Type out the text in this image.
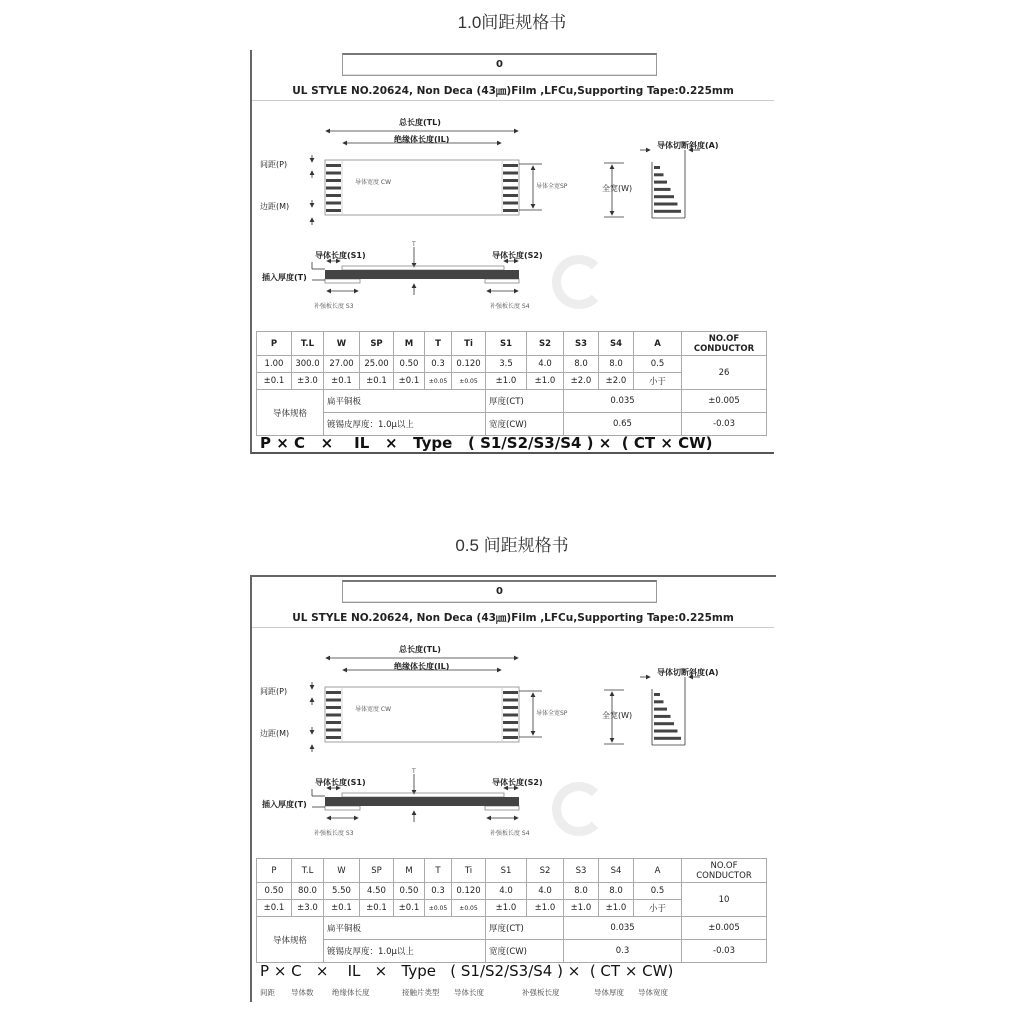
1.0间距规格书
0
UL STYLE NO.20624, Non Deca (43㎛)Film ,LFCu,Supporting Tape:0.225mm
总长度(TL)
绝缘体长度(IL)
间距(P)
边距(M)
导体宽度 CW
导体全宽SP	全宽(W)
导体切断斜度(A)
导体长度(S1)	导体长度(S2)
T
插入厚度(T)
补强板长度 S3	补强板长度 S4
P	T.L	W	SP	M	T	Ti	S1	S2	S3	S4	A	NO.OF CONDUCTOR
1.00	300.0	27.00	25.00	0.50	0.3	0.120	3.5	4.0	8.0	8.0	0.5	26
±0.1	±3.0	±0.1	±0.1	±0.1	±0.05	±0.05	±1.0	±1.0	±2.0	±2.0	小于	
导体规格		扁平铜板					厚度(CT)		0.035			±0.005
		镀锡皮厚度：1.0μ以上					宽度(CW)		0.65			-0.03
P × C   ×    IL   ×   Type   ( S1/S2/S3/S4 ) ×  ( CT × CW)
0.5 间距规格书
0
UL STYLE NO.20624, Non Deca (43㎛)Film ,LFCu,Supporting Tape:0.225mm
总长度(TL)
绝缘体长度(IL)
间距(P)
边距(M)
导体宽度 CW
导体全宽SP	全宽(W)
导体切断斜度(A)
导体长度(S1)	导体长度(S2)
T
插入厚度(T)
补强板长度 S3	补强板长度 S4
P	T.L	W	SP	M	T	Ti	S1	S2	S3	S4	A	NO.OF CONDUCTOR
0.50	80.0	5.50	4.50	0.50	0.3	0.120	4.0	4.0	8.0	8.0	0.5	10
±0.1	±3.0	±0.1	±0.1	±0.1	±0.05	±0.05	±1.0	±1.0	±1.0	±1.0	小于	
导体规格		扁平铜板					厚度(CT)		0.035			±0.005
		镀锡皮厚度：1.0μ以上					宽度(CW)		0.3			-0.03
P × C   ×    IL   ×   Type   ( S1/S2/S3/S4 ) ×  ( CT × CW)
间距 导体数 绝缘体长度	接触片类型 导体长度	补强板长度	导体厚度 导体宽度
